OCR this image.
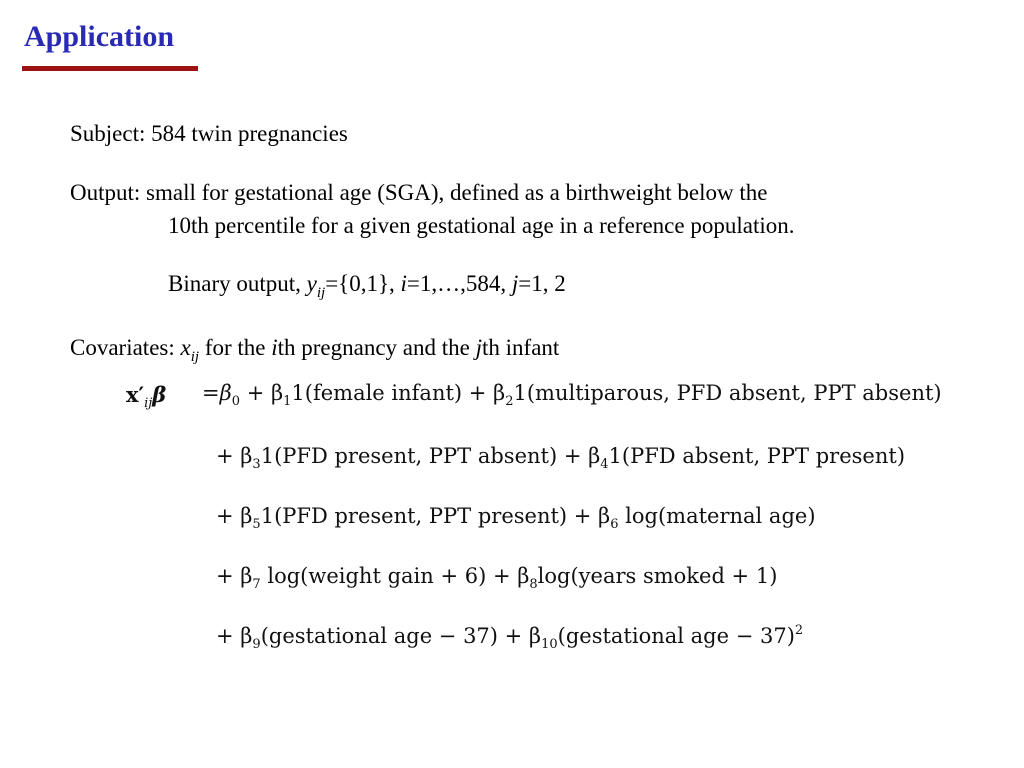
Application
Subject: 584 twin pregnancies
Output: small for gestational age (SGA), defined as a birthweight below the
10th percentile for a given gestational age in a reference population.
Binary output, $y_{ij}=\{0,1\}$, i=1,…,584, j=1, 2
Covariates: $x_{ij}$ for the ith pregnancy and the jth infant
$x'_{ij}\beta =\beta_0$ + $\beta_11(female$ infant) + $\beta_21(multiparous$, PFD absent, PPT absent)
+ $\beta_31(PFD$ present, PPT absent) + $\beta_41(PFD$ absent, PPT present)
+ $\beta_51(PFD$ present, PPT present) + $\beta_6$ log(maternal age)
+ $\beta_7$ log(weight gain + $6) + \beta_8\log(years$ smoked + 1)
+ $\beta_9(gestational$ age − $37) + \beta_{10}(gestational$ age − 37)$^2$
